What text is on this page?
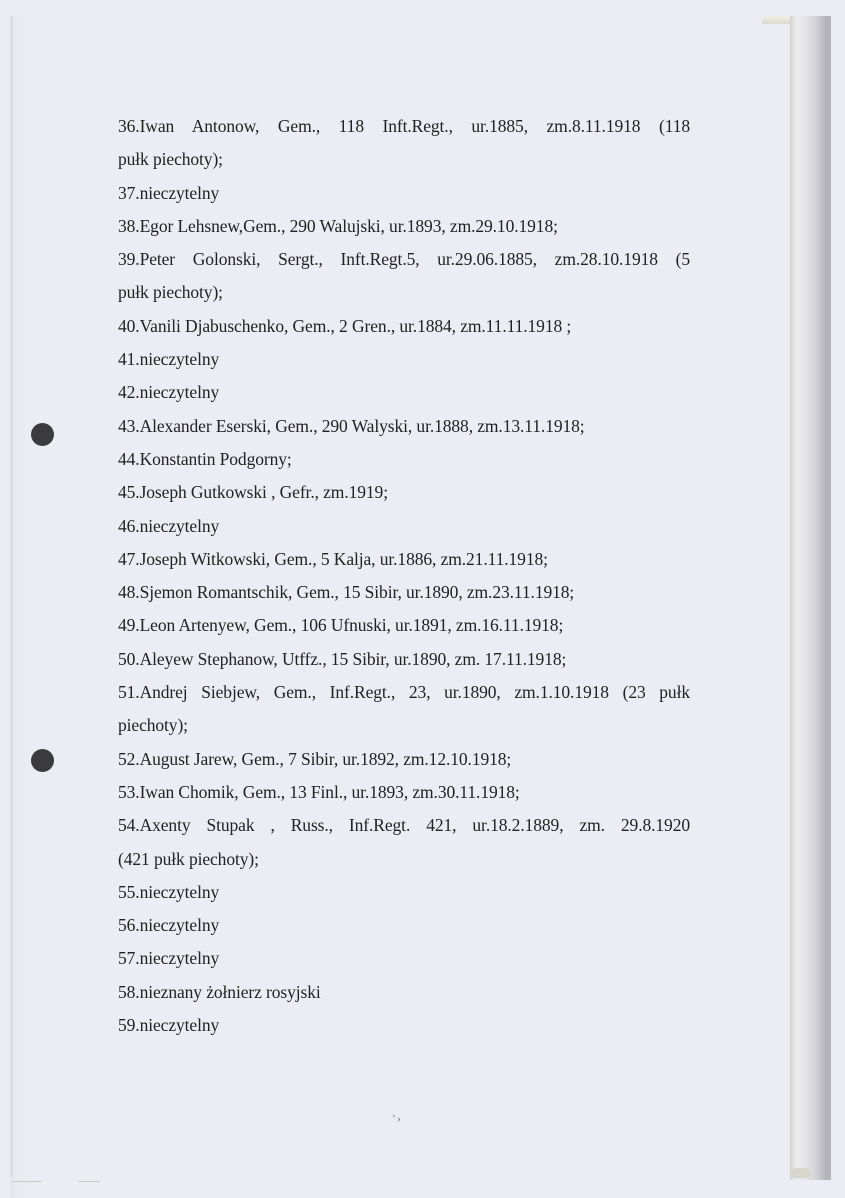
36.Iwan Antonow, Gem., 118 Inft.Regt., ur.1885, zm.8.11.1918 (118
pułk piechoty);
37.nieczytelny
38.Egor Lehsnew,Gem., 290 Walujski, ur.1893, zm.29.10.1918;
39.Peter Golonski, Sergt., Inft.Regt.5, ur.29.06.1885, zm.28.10.1918 (5
pułk piechoty);
40.Vanili Djabuschenko, Gem., 2 Gren., ur.1884, zm.11.11.1918 ;
41.nieczytelny
42.nieczytelny
43.Alexander Eserski, Gem., 290 Walyski, ur.1888, zm.13.11.1918;
44.Konstantin Podgorny;
45.Joseph Gutkowski , Gefr., zm.1919;
46.nieczytelny
47.Joseph Witkowski, Gem., 5 Kalja, ur.1886, zm.21.11.1918;
48.Sjemon Romantschik, Gem., 15 Sibir, ur.1890, zm.23.11.1918;
49.Leon Artenyew, Gem., 106 Ufnuski, ur.1891, zm.16.11.1918;
50.Aleyew Stephanow, Utffz., 15 Sibir, ur.1890, zm. 17.11.1918;
51.Andrej Siebjew, Gem., Inf.Regt., 23, ur.1890, zm.1.10.1918 (23 pułk
piechoty);
52.August Jarew, Gem., 7 Sibir, ur.1892, zm.12.10.1918;
53.Iwan Chomik, Gem., 13 Finl., ur.1893, zm.30.11.1918;
54.Axenty Stupak , Russ., Inf.Regt. 421, ur.18.2.1889, zm. 29.8.1920
(421 pułk piechoty);
55.nieczytelny
56.nieczytelny
57.nieczytelny
58.nieznany żołnierz rosyjski
59.nieczytelny
' ›
